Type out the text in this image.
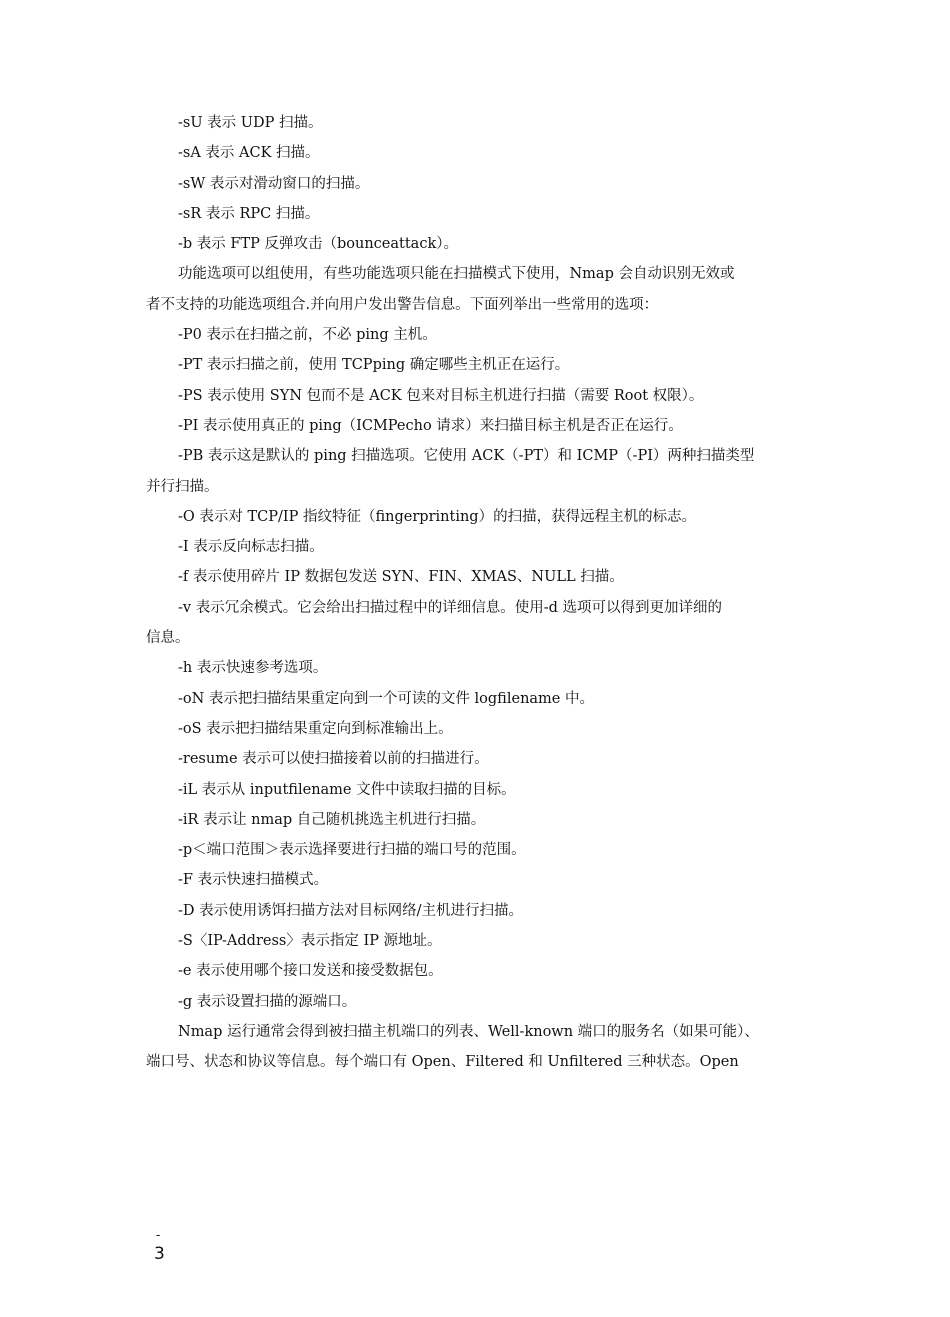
-sU 表示 UDP 扫描。
-sA 表示 ACK 扫描。
-sW 表示对滑动窗口的扫描。
-sR 表示 RPC 扫描。
-b 表示 FTP 反弹攻击（bounceattack）。
功能选项可以组使用，有些功能选项只能在扫描模式下使用，Nmap 会自动识别无效或
者不支持的功能选项组合.并向用户发出警告信息。下面列举出一些常用的选项：
-P0 表示在扫描之前，不必 ping 主机。
-PT 表示扫描之前，使用 TCPping 确定哪些主机正在运行。
-PS 表示使用 SYN 包而不是 ACK 包来对目标主机进行扫描（需要 Root 权限）。
-PI 表示使用真正的 ping（ICMPecho 请求）来扫描目标主机是否正在运行。
-PB 表示这是默认的 ping 扫描选项。它使用 ACK（-PT）和 ICMP（-PI）两种扫描类型
并行扫描。
-O 表示对 TCP/IP 指纹特征（fingerprinting）的扫描，获得远程主机的标志。
-I 表示反向标志扫描。
-f 表示使用碎片 IP 数据包发送 SYN、FIN、XMAS、NULL 扫描。
-v 表示冗余模式。它会给出扫描过程中的详细信息。使用-d 选项可以得到更加详细的
信息。
-h 表示快速参考选项。
-oN 表示把扫描结果重定向到一个可读的文件 logfilename 中。
-oS 表示把扫描结果重定向到标准输出上。
-resume 表示可以使扫描接着以前的扫描进行。
-iL 表示从 inputfilename 文件中读取扫描的目标。
-iR 表示让 nmap 自己随机挑选主机进行扫描。
-p＜端口范围＞表示选择要进行扫描的端口号的范围。
-F 表示快速扫描模式。
-D 表示使用诱饵扫描方法对目标网络/主机进行扫描。
-S〈IP-Address〉表示指定 IP 源地址。
-e 表示使用哪个接口发送和接受数据包。
-g 表示设置扫描的源端口。
Nmap 运行通常会得到被扫描主机端口的列表、Well-known 端口的服务名（如果可能）、
端口号、状态和协议等信息。每个端口有 Open、Filtered 和 Unfiltered 三种状态。Open
-
3
